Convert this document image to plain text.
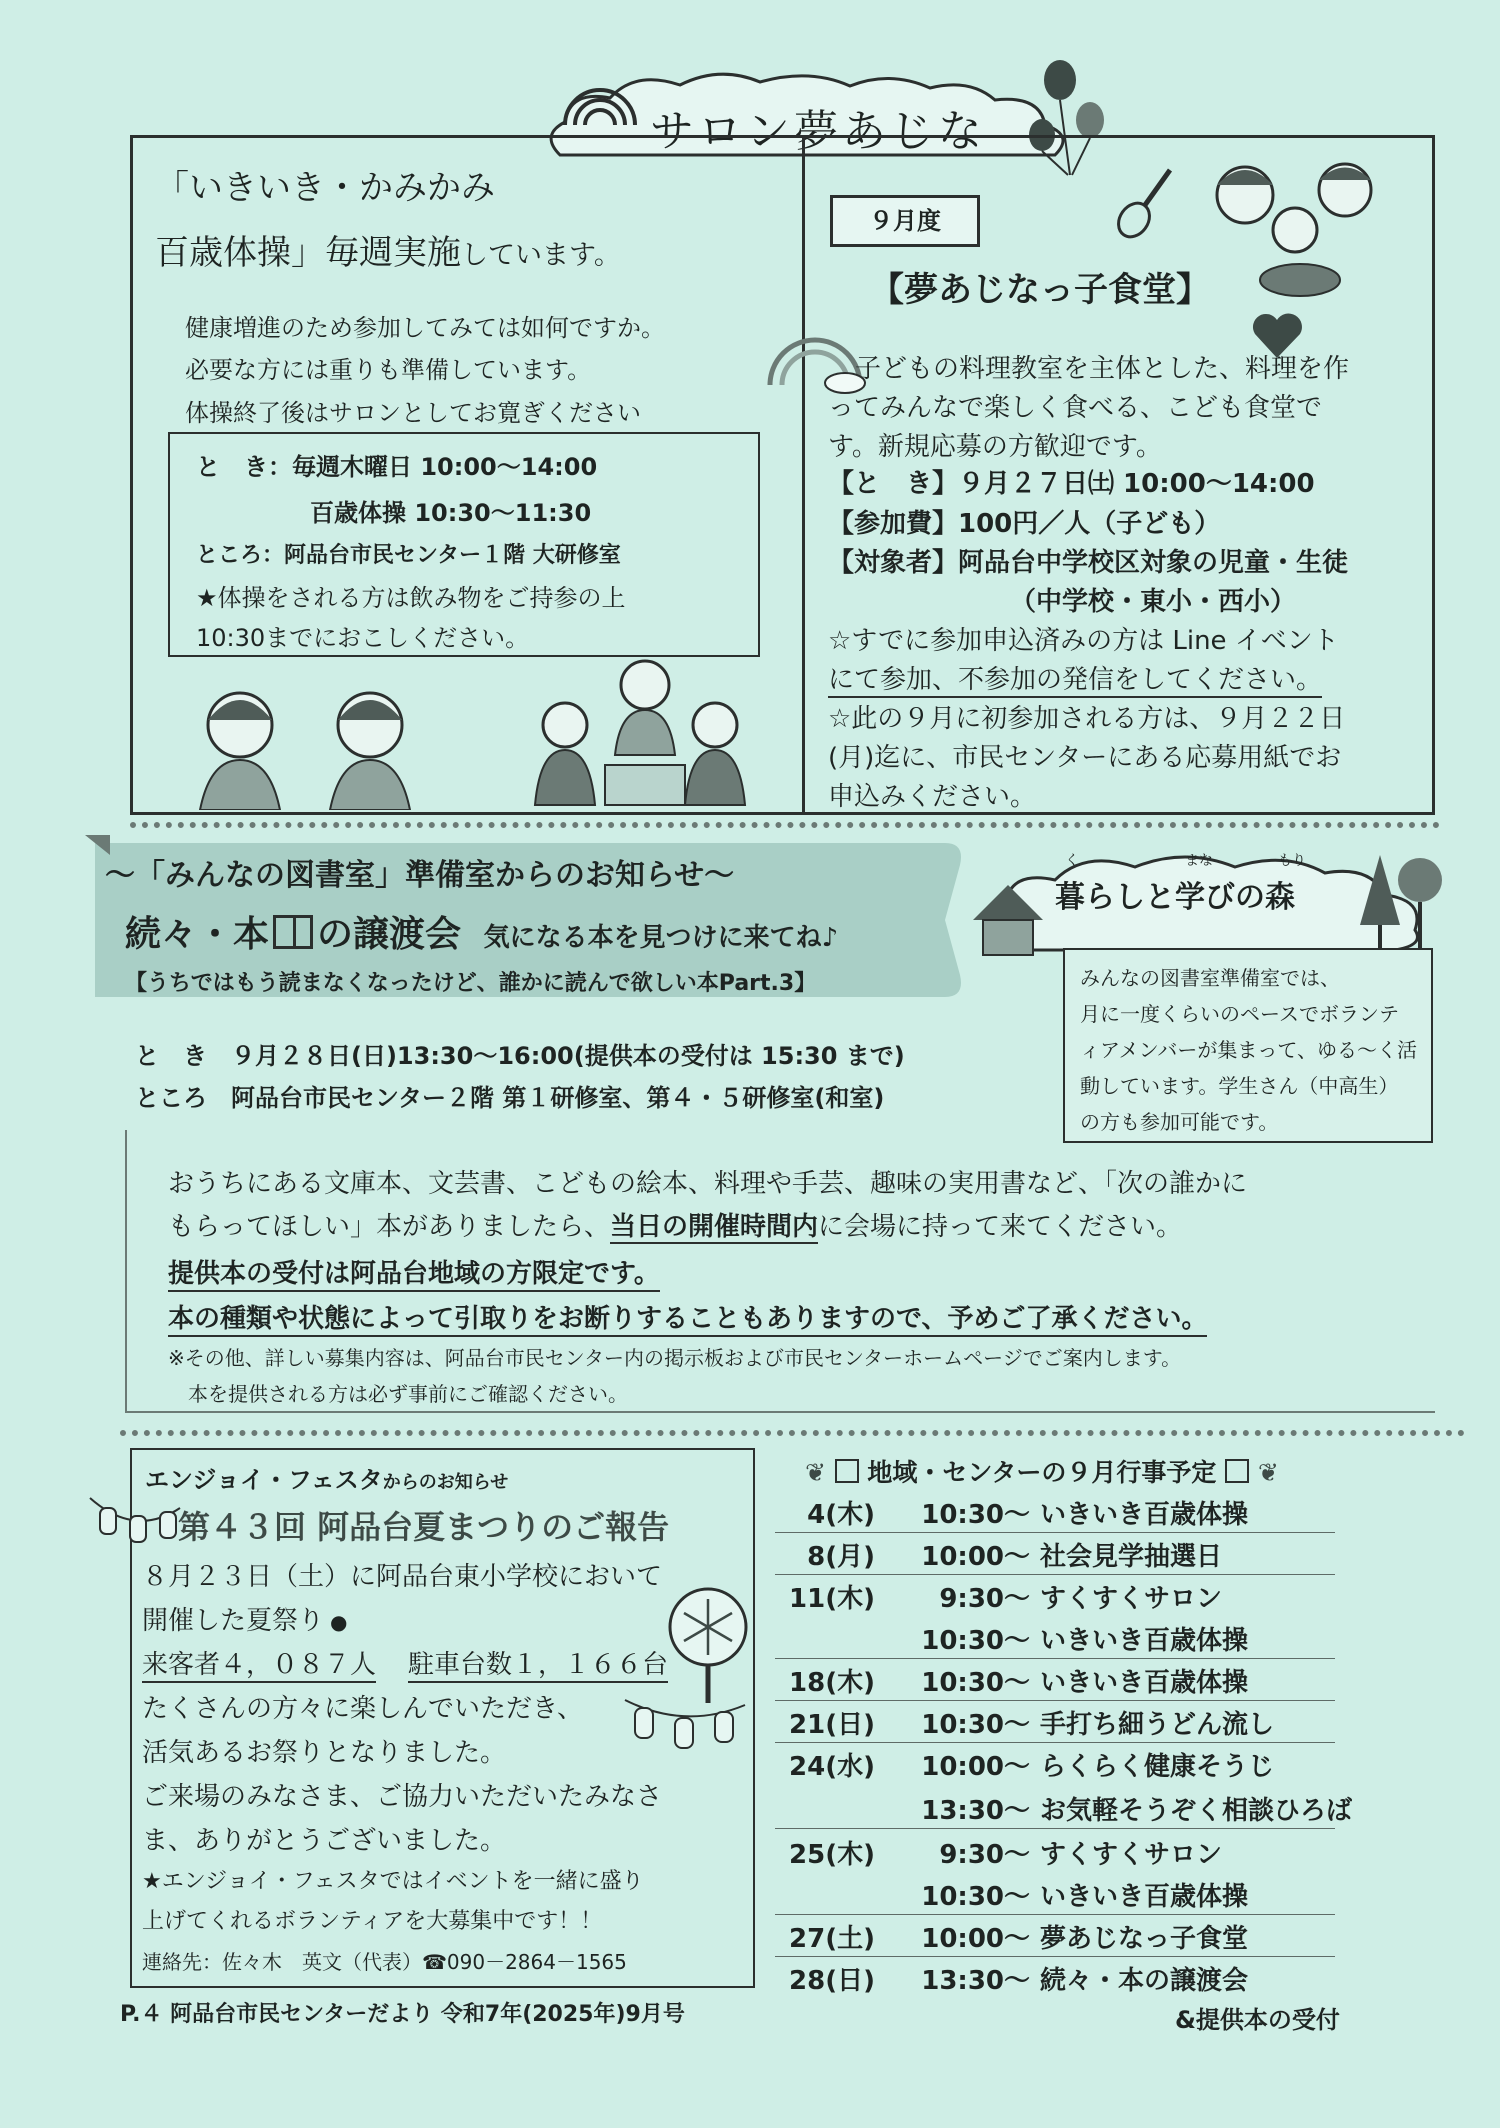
サロン夢あじな
「いきいき・かみかみ
百歳体操」毎週実施しています。
健康増進のため参加してみては如何ですか。
必要な方には重りも準備しています。
体操終了後はサロンとしてお寛ぎください
と　き：毎週木曜日 10:00～14:00
百歳体操 10:30～11:30
ところ：阿品台市民センター１階 大研修室
★体操をされる方は飲み物をご持参の上
10:30までにおこしください。
９月度
【夢あじなっ子食堂】
子どもの料理教室を主体とした、料理を作
ってみんなで楽しく食べる、こども食堂で
す。新規応募の方歓迎です。
【と　き】９月２７日㈯ 10:00～14:00
【参加費】100円／人（子ども）
【対象者】阿品台中学校区対象の児童・生徒
（中学校・東小・西小）
☆すでに参加申込済みの方は Line イベント
にて参加、不参加の発信をしてください。
☆此の９月に初参加される方は、９月２２日
(月)迄に、市民センターにある応募用紙でお
申込みください。
～「みんなの図書室」準備室からのお知らせ～
続々・本 の譲渡会 気になる本を見つけに来てね♪
【うちではもう読まなくなったけど、誰かに読んで欲しい本Part.3】
く	まな	もり
暮らしと学びの森
みんなの図書室準備室では、
月に一度くらいのペースでボランテ
ィアメンバーが集まって、ゆる～く活
動しています。学生さん（中高生）
の方も参加可能です。
と　き　９月２８日(日)13:30～16:00(提供本の受付は 15:30 まで)
ところ　阿品台市民センター２階 第１研修室、第４・５研修室(和室)
おうちにある文庫本、文芸書、こどもの絵本、料理や手芸、趣味の実用書など、「次の誰かに
もらってほしい」本がありましたら、当日の開催時間内に会場に持って来てください。
提供本の受付は阿品台地域の方限定です。
本の種類や状態によって引取りをお断りすることもありますので、予めご了承ください。
※その他、詳しい募集内容は、阿品台市民センター内の掲示板および市民センターホームページでご案内します。
本を提供される方は必ず事前にご確認ください。
エンジョイ・フェスタからのお知らせ
第４３回 阿品台夏まつりのご報告
８月２３日（土）に阿品台東小学校において
開催した夏祭り ●
来客者４，０８７人 駐車台数１，１６６台
たくさんの方々に楽しんでいただき、
活気あるお祭りとなりました。
ご来場のみなさま、ご協力いただいたみなさ
ま、ありがとうございました。
★エンジョイ・フェスタではイベントを一緒に盛り
上げてくれるボランティアを大募集中です！！
連絡先：佐々木　英文（代表）☎090－2864－1565
❦ 地域・センターの９月行事予定 ❦
&提供本の受付
P.４ 阿品台市民センターだより 令和7年(2025年)9月号
4(木)	10:30～ いきいき百歳体操
8(月)	10:00～ 社会見学抽選日
11(木)	9:30～ すくすくサロン
10:30～ いきいき百歳体操
18(木)	10:30～ いきいき百歳体操
21(日)	10:30～ 手打ち細うどん流し
24(水)	10:00～ らくらく健康そうじ
13:30～ お気軽そうぞく相談ひろば
25(木)	9:30～ すくすくサロン
10:30～ いきいき百歳体操
27(土)	10:00～ 夢あじなっ子食堂
28(日)	13:30～ 続々・本の譲渡会
